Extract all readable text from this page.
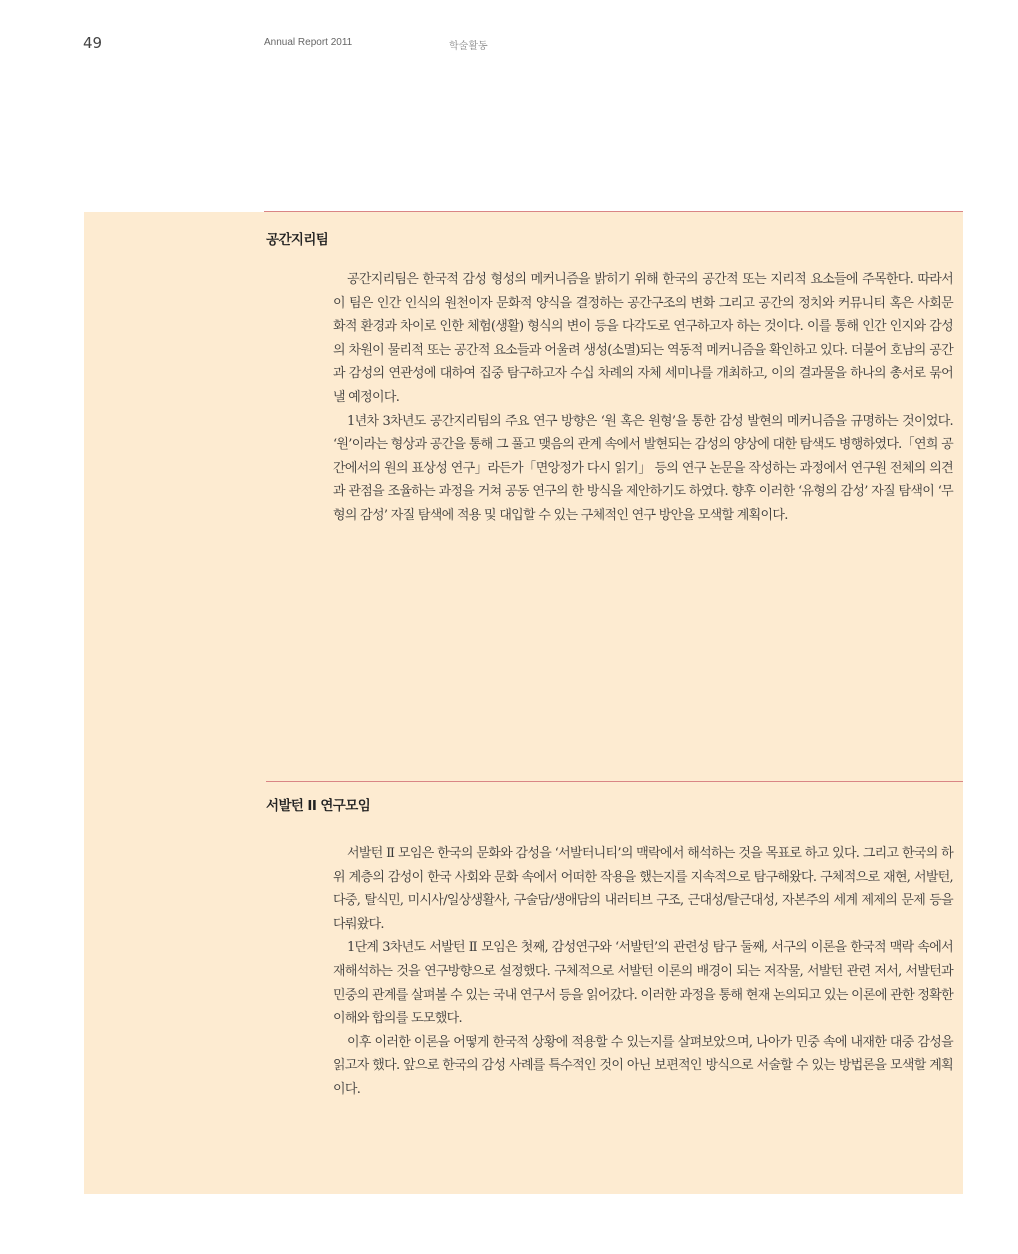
49	Annual Report 2011	학술활동
공간지리팀

공간지리팀은 한국적 감성 형성의 메커니즘을 밝히기 위해 한국의 공간적 또는 지리적 요소들에 주목한다. 따라서 이 팀은 인간 인식의 원천이자 문화적 양식을 결정하는 공간구조의 변화 그리고 공간의 정치와 커뮤니티 혹은 사회문화적 환경과 차이로 인한 체험(생활) 형식의 변이 등을 다각도로 연구하고자 하는 것이다. 이를 통해 인간 인지와 감성의 차원이 물리적 또는 공간적 요소들과 어울려 생성(소멸)되는 역동적 메커니즘을 확인하고 있다. 더불어 호남의 공간과 감성의 연관성에 대하여 집중 탐구하고자 수십 차례의 자체 세미나를 개최하고, 이의 결과물을 하나의 총서로 묶어낼 예정이다.

1년차 3차년도 공간지리팀의 주요 연구 방향은 ‘원 혹은 원형’을 통한 감성 발현의 메커니즘을 규명하는 것이었다. ‘원’이라는 형상과 공간을 통해 그 풀고 맺음의 관계 속에서 발현되는 감성의 양상에 대한 탐색도 병행하였다.「연희 공간에서의 원의 표상성 연구」라든가「면앙정가 다시 읽기」 등의 연구 논문을 작성하는 과정에서 연구원 전체의 의견과 관점을 조율하는 과정을 거쳐 공동 연구의 한 방식을 제안하기도 하였다. 향후 이러한 ‘유형의 감성’ 자질 탐색이 ‘무형의 감성’ 자질 탐색에 적용 및 대입할 수 있는 구체적인 연구 방안을 모색할 계획이다.

서발턴 II 연구모임

서발턴 Ⅱ 모임은 한국의 문화와 감성을 ‘서발터니티’의 맥락에서 해석하는 것을 목표로 하고 있다. 그리고 한국의 하위 계층의 감성이 한국 사회와 문화 속에서 어떠한 작용을 했는지를 지속적으로 탐구해왔다. 구체적으로 재현, 서발턴, 다중, 탈식민, 미시사/일상생활사, 구술담/생애담의 내러티브 구조, 근대성/탈근대성, 자본주의 세계 제제의 문제 등을 다뤄왔다.

1단계 3차년도 서발턴 Ⅱ 모임은 첫째, 감성연구와 ‘서발턴’의 관련성 탐구 둘째, 서구의 이론을 한국적 맥락 속에서 재해석하는 것을 연구방향으로 설정했다. 구체적으로 서발턴 이론의 배경이 되는 저작물, 서발턴 관련 저서, 서발턴과 민중의 관계를 살펴볼 수 있는 국내 연구서 등을 읽어갔다. 이러한 과정을 통해 현재 논의되고 있는 이론에 관한 정확한 이해와 합의를 도모했다.

이후 이러한 이론을 어떻게 한국적 상황에 적용할 수 있는지를 살펴보았으며, 나아가 민중 속에 내재한 대중 감성을 읽고자 했다. 앞으로 한국의 감성 사례를 특수적인 것이 아닌 보편적인 방식으로 서술할 수 있는 방법론을 모색할 계획이다.
